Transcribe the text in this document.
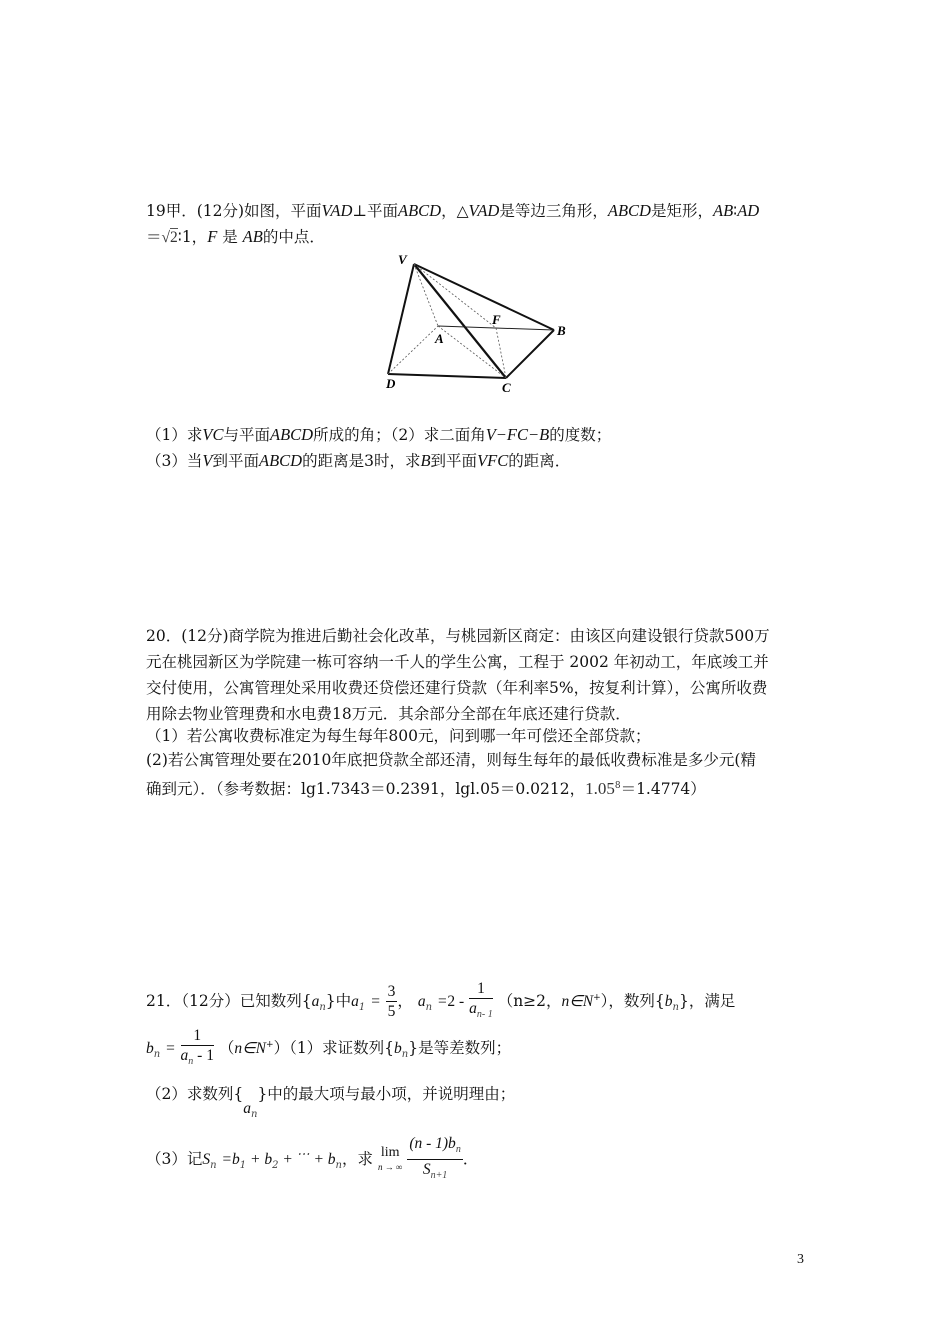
19甲．(12分)如图，平面VAD⊥平面ABCD，△VAD是等边三角形，ABCD是矩形，AB∶AD
＝√2∶1，F 是 AB的中点．
V
A
F
B
D	C
（1）求VC与平面ABCD所成的角；（2）求二面角V−FC−B的度数；
（3）当V到平面ABCD的距离是3时，求B到平面VFC的距离．
20．(12分)商学院为推进后勤社会化改革，与桃园新区商定：由该区向建设银行贷款500万
元在桃园新区为学院建一栋可容纳一千人的学生公寓，工程于 2002 年初动工，年底竣工并
交付使用，公寓管理处采用收费还贷偿还建行贷款（年利率5%，按复利计算），公寓所收费
用除去物业管理费和水电费18万元．其余部分全部在年底还建行贷款．
（1）若公寓收费标准定为每生每年800元，问到哪一年可偿还全部贷款；
(2)若公寓管理处要在2010年底把贷款全部还清，则每生每年的最低收费标准是多少元(精
确到元）．（参考数据：lg1.7343＝0.2391，lgl.05＝0.0212，$1.05^8=1.4774$）
21．（12分）已知数列$\{a_n\}$中$a_1 = \frac{3}{5}$ ， $a_n =2 - \frac{1}{a_{n- 1}} (n\ge 2$，n∈N+），数列$\{b_n\}$，满足
$b_n = \frac{1}{a_n - 1}$ （n∈N+）（1）求证数列$\{b_n\}$是等差数列；
（2）求数列$\{a_n\}$中的最大项与最小项，并说明理由；
（3）记$S_n =b_1 + b_2 + ^\cdots + b_n$，求 lim
n → ∞
$\frac{(n - 1)b_n}{S_{n+1}}$ ．
3
